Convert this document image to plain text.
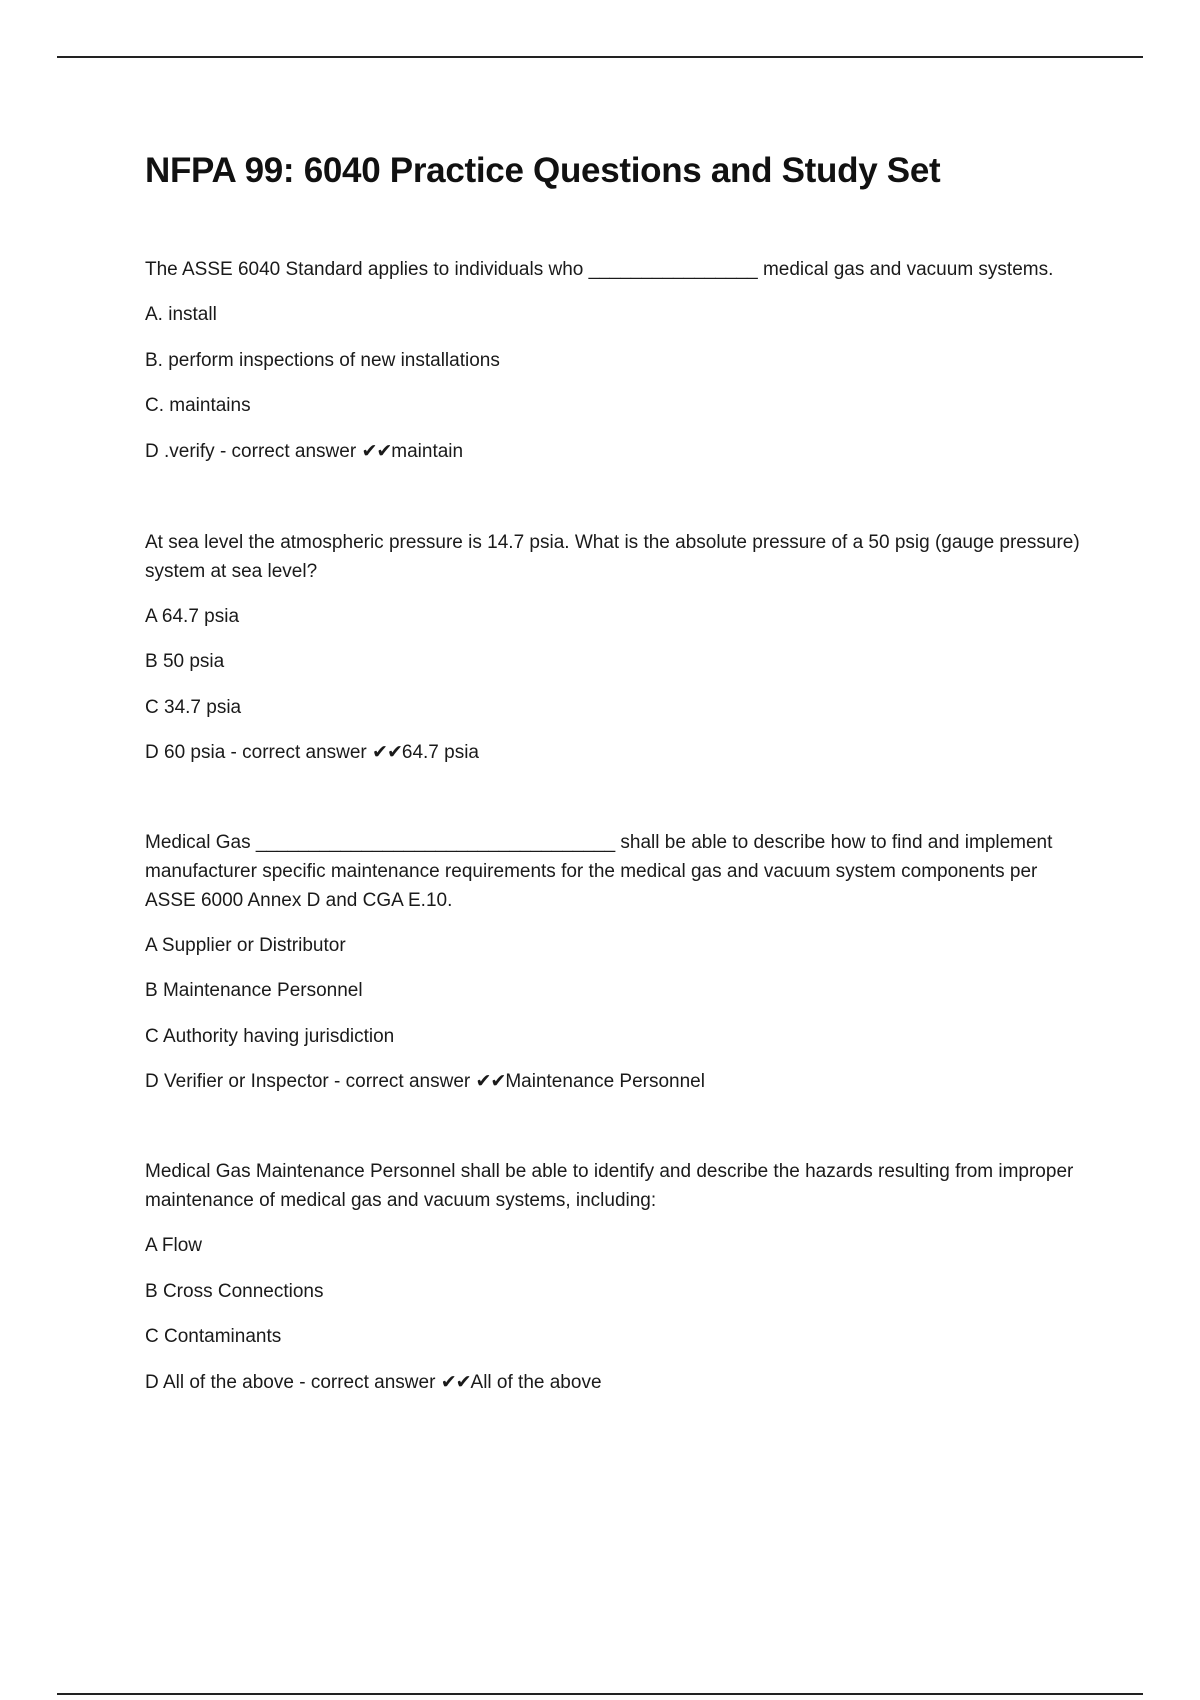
NFPA 99: 6040 Practice Questions and Study Set

The ASSE 6040 Standard applies to individuals who ________________ medical gas and vacuum systems.

A. install
B. perform inspections of new installations
C. maintains
D .verify - correct answer ✔✔maintain

At sea level the atmospheric pressure is 14.7 psia. What is the absolute pressure of a 50 psig (gauge pressure) system at sea level?

A 64.7 psia
B 50 psia
C 34.7 psia
D 60 psia - correct answer ✔✔64.7 psia

Medical Gas __________________________________ shall be able to describe how to find and implement manufacturer specific maintenance requirements for the medical gas and vacuum system components per ASSE 6000 Annex D and CGA E.10.

A Supplier or Distributor
B Maintenance Personnel
C Authority having jurisdiction
D Verifier or Inspector - correct answer ✔✔Maintenance Personnel

Medical Gas Maintenance Personnel shall be able to identify and describe the hazards resulting from improper maintenance of medical gas and vacuum systems, including:

A Flow
B Cross Connections
C Contaminants
D All of the above - correct answer ✔✔All of the above
